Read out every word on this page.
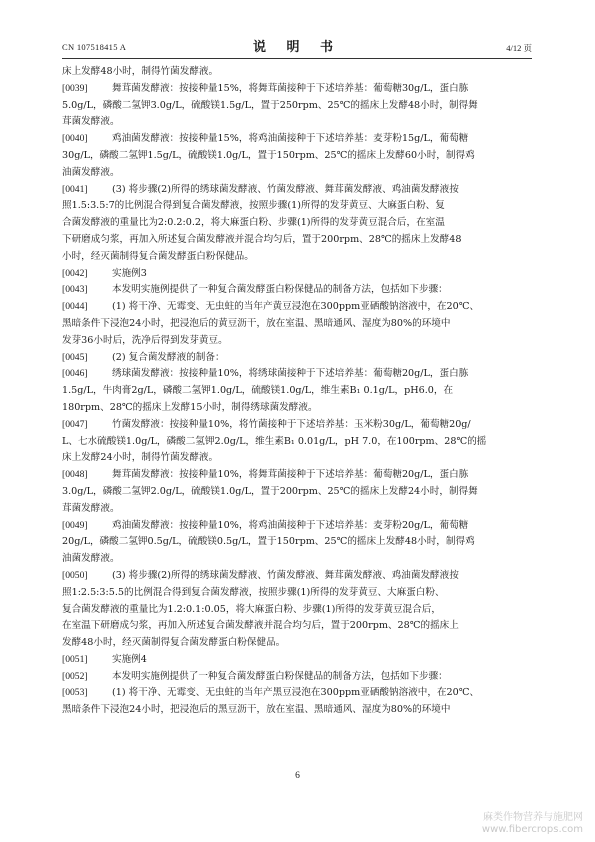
CN 107518415 A	说 明 书	4/12 页
床上发酵48小时，制得竹菌发酵液。
[0039]	舞茸菌发酵液：按接种量15%，将舞茸菌接种于下述培养基：葡萄糖30g/L，蛋白胨
5.0g/L，磷酸二氢钾3.0g/L，硫酸镁1.5g/L，置于250rpm、25℃的摇床上发酵48小时，制得舞
茸菌发酵液。
[0040]	鸡油菌发酵液：按接种量15%，将鸡油菌接种于下述培养基：麦芽粉15g/L，葡萄糖
30g/L，磷酸二氢钾1.5g/L，硫酸镁1.0g/L，置于150rpm、25℃的摇床上发酵60小时，制得鸡
油菌发酵液。
[0041]	(3) 将步骤(2)所得的绣球菌发酵液、竹菌发酵液、舞茸菌发酵液、鸡油菌发酵液按
照1.5:3.5:7的比例混合得到复合菌发酵液，按照步骤(1)所得的发芽黄豆、大麻蛋白粉、复
合菌发酵液的重量比为2:0.2:0.2，将大麻蛋白粉、步骤(1)所得的发芽黄豆混合后，在室温
下研磨成匀浆，再加入所述复合菌发酵液并混合均匀后，置于200rpm、28℃的摇床上发酵48
小时，经灭菌制得复合菌发酵蛋白粉保健品。
[0042]	实施例3
[0043]	本发明实施例提供了一种复合菌发酵蛋白粉保健品的制备方法，包括如下步骤：
[0044]	(1) 将干净、无霉变、无虫蛀的当年产黄豆浸泡在300ppm亚硒酸钠溶液中，在20℃、
黑暗条件下浸泡24小时，把浸泡后的黄豆沥干，放在室温、黑暗通风、湿度为80%的环境中
发芽36小时后，洗净后得到发芽黄豆。
[0045]	(2) 复合菌发酵液的制备：
[0046]	绣球菌发酵液：按接种量10%，将绣球菌接种于下述培养基：葡萄糖20g/L，蛋白胨
1.5g/L，牛肉膏2g/L，磷酸二氢钾1.0g/L，硫酸镁1.0g/L，维生素B₁ 0.1g/L，pH6.0，在
180rpm、28℃的摇床上发酵15小时，制得绣球菌发酵液。
[0047]	竹菌发酵液：按接种量10%，将竹菌接种于下述培养基：玉米粉30g/L，葡萄糖20g/
L、七水硫酸镁1.0g/L，磷酸二氢钾2.0g/L，维生素B₁ 0.01g/L，pH 7.0，在100rpm、28℃的摇
床上发酵24小时，制得竹菌发酵液。
[0048]	舞茸菌发酵液：按接种量10%，将舞茸菌接种于下述培养基：葡萄糖20g/L，蛋白胨
3.0g/L，磷酸二氢钾2.0g/L，硫酸镁1.0g/L，置于200rpm、25℃的摇床上发酵24小时，制得舞
茸菌发酵液。
[0049]	鸡油菌发酵液：按接种量10%，将鸡油菌接种于下述培养基：麦芽粉20g/L，葡萄糖
20g/L，磷酸二氢钾0.5g/L，硫酸镁0.5g/L，置于150rpm、25℃的摇床上发酵48小时，制得鸡
油菌发酵液。
[0050]	(3) 将步骤(2)所得的绣球菌发酵液、竹菌发酵液、舞茸菌发酵液、鸡油菌发酵液按
照1:2.5:3:5.5的比例混合得到复合菌发酵液，按照步骤(1)所得的发芽黄豆、大麻蛋白粉、
复合菌发酵液的重量比为1.2:0.1:0.05，将大麻蛋白粉、步骤(1)所得的发芽黄豆混合后，
在室温下研磨成匀浆，再加入所述复合菌发酵液并混合均匀后，置于200rpm、28℃的摇床上
发酵48小时，经灭菌制得复合菌发酵蛋白粉保健品。
[0051]	实施例4
[0052]	本发明实施例提供了一种复合菌发酵蛋白粉保健品的制备方法，包括如下步骤：
[0053]	(1) 将干净、无霉变、无虫蛀的当年产黑豆浸泡在300ppm亚硒酸钠溶液中，在20℃、
黑暗条件下浸泡24小时，把浸泡后的黑豆沥干，放在室温、黑暗通风、湿度为80%的环境中
6
麻类作物营养与施肥网
www.fibercrops.com
